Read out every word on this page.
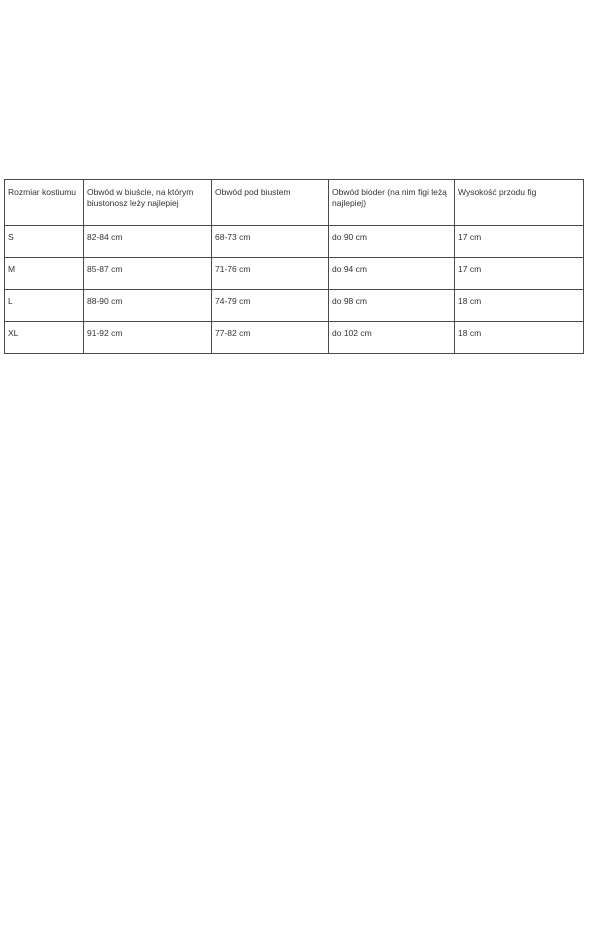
Rozmiar kostiumu	Obwód w biuście, na którym biustonosz leży najlepiej	Obwód pod biustem	Obwód bioder (na nim figi leżą najlepiej)	Wysokość przodu fig

S	82-84 cm	68-73 cm	do 90 cm	17 cm

M	85-87 cm	71-76 cm	do 94 cm	17 cm

L	88-90 cm	74-79 cm	do 98 cm	18 cm

XL	91-92 cm	77-82 cm	do 102 cm	18 cm
